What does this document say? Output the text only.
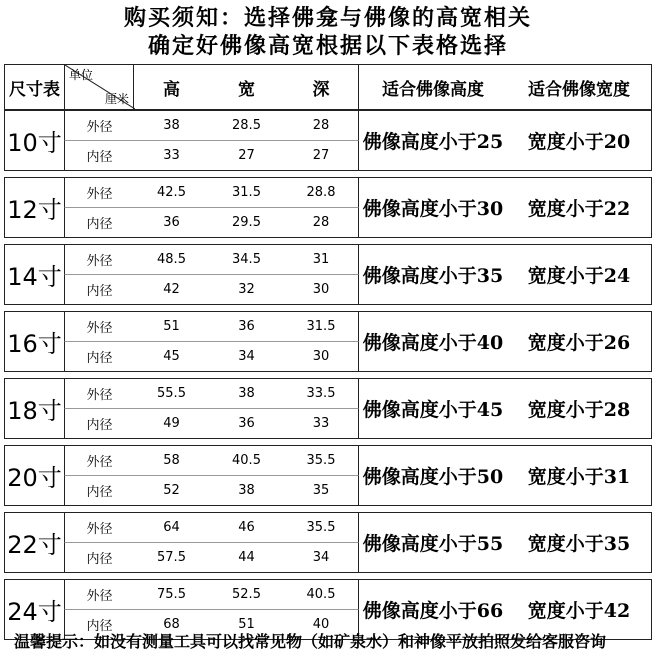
购买须知：选择佛龛与佛像的高宽相关
确定好佛像高宽根据以下表格选择
尺寸表	单位
厘米	高	宽	深	适合佛像高度	适合佛像宽度
10寸	外径	38	28.5	28	佛像高度小于25	宽度小于20
	内径	33	27	27		

12寸	外径	42.5	31.5	28.8	佛像高度小于30	宽度小于22
	内径	36	29.5	28		

14寸	外径	48.5	34.5	31	佛像高度小于35	宽度小于24
	内径	42	32	30		

16寸	外径	51	36	31.5	佛像高度小于40	宽度小于26
	内径	45	34	30		

18寸	外径	55.5	38	33.5	佛像高度小于45	宽度小于28
	内径	49	36	33		

20寸	外径	58	40.5	35.5	佛像高度小于50	宽度小于31
	内径	52	38	35		

22寸	外径	64	46	35.5	佛像高度小于55	宽度小于35
	内径	57.5	44	34		

24寸	外径	75.5	52.5	40.5	佛像高度小于66	宽度小于42
	内径	68	51	40		
温馨提示：如没有测量工具可以找常见物（如矿泉水）和神像平放拍照发给客服咨询
